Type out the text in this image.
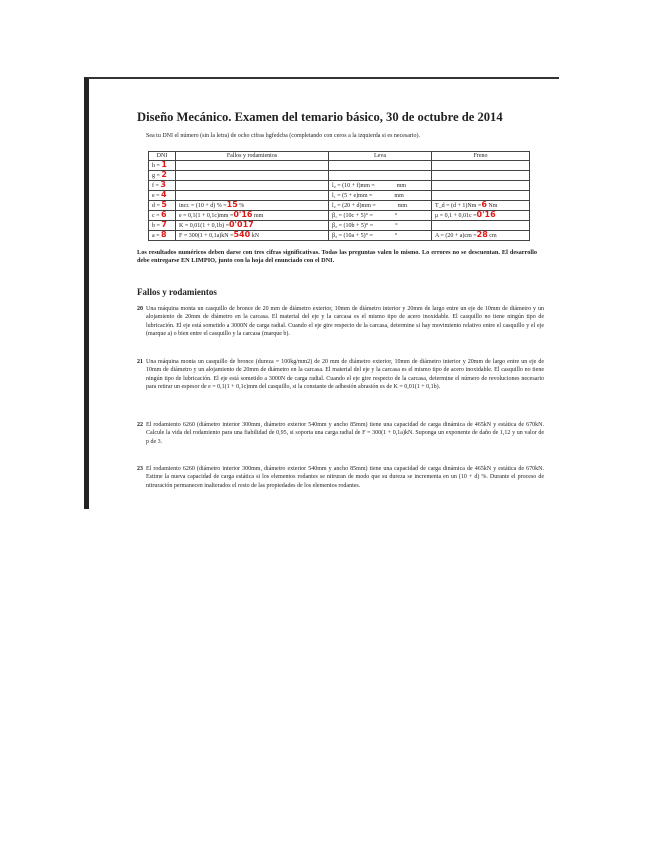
Diseño Mecánico. Examen del temario básico, 30 de octubre de 2014
Sea tu DNI el número (sin la letra) de ocho cifras hgfedcba (completando con ceros a la izquierda si es necesario).
DNI	Fallos y rodamientos	Leva	Freno
h = 1			
g = 2			
f = 3		l₀ = (10 + f)mm = mm	
e = 4		l₁ = (5 + e)mm = mm	
d = 5	incr. = (10 + d) % =15 %	l₂ = (20 + d)mm = mm	T_d = (d + 1)Nm =6 Nm
c = 6	e = 0,1(1 + 0,1c)mm =0'16 mm	β₁ = (10c + 5)° = °	μ = 0,1 + 0,01c =0'16
b = 7	K = 0,01(1 + 0,1b) =0'017	β₂ = (10b + 5)° = °	
a = 8	F = 300(1 + 0,1a)kN =540 kN	β₃ = (10a + 5)° = °	A = (20 + a)cm =28 cm
Los resultados numéricos deben darse con tres cifras significativas. Todas las preguntas valen lo mismo. Lo errores no se descuentan. El desarrollo debe entregarse EN LIMPIO, junto con la hoja del enunciado con el DNI.
Fallos y rodamientos
20 Una máquina monta un casquillo de bronce de 20 mm de diámetro exterior, 10mm de diámetro interior y 20mm de largo entre un eje de 10mm de diámetro y un alojamiento de 20mm de diámetro en la carcasa. El material del eje y la carcasa es el mismo tipo de acero inoxidable. El casquillo no tiene ningún tipo de lubricación. El eje está sometido a 3000N de carga radial. Cuando el eje gire respecto de la carcasa, determine si hay movimiento relativo entre el casquillo y el eje (marque a) o bien entre el casquillo y la carcasa (marque b).
21 Una máquina monta un casquillo de bronce (dureza = 100kg/mm2) de 20 mm de diámetro exterior, 10mm de diámetro interior y 20mm de largo entre un eje de 10mm de diámetro y un alojamiento de 20mm de diámetro en la carcasa. El material del eje y la carcasa es el mismo tipo de acero inoxidable. El casquillo no tiene ningún tipo de lubricación. El eje está sometido a 3000N de carga radial. Cuando el eje gire respecto de la carcasa, determine el número de revoluciones necesario para retirar un espesor de e = 0,1(1 + 0,1c)mm del casquillo, si la constante de adhesión abrasión es de K = 0,01(1 + 0,1b).
22 El rodamiento 6260 (diámetro interior 300mm, diámetro exterior 540mm y ancho 85mm) tiene una capacidad de carga dinámica de 465kN y estática de 670kN. Calcule la vida del rodamiento para una fiabilidad de 0,95, si soporta una carga radial de F = 300(1 + 0,1a)kN. Suponga un exponente de daño de 1,12 y un valor de p de 3.
23 El rodamiento 6260 (diámetro interior 300mm, diámetro exterior 540mm y ancho 85mm) tiene una capacidad de carga dinámica de 465kN y estática de 670kN. Estime la nueva capacidad de carga estática si los elementos rodantes se nitruran de modo que su dureza se incrementa en un (10 + d) %. Durante el proceso de nitruración permanecen inalterados el resto de las propiedades de los elementos rodantes.
